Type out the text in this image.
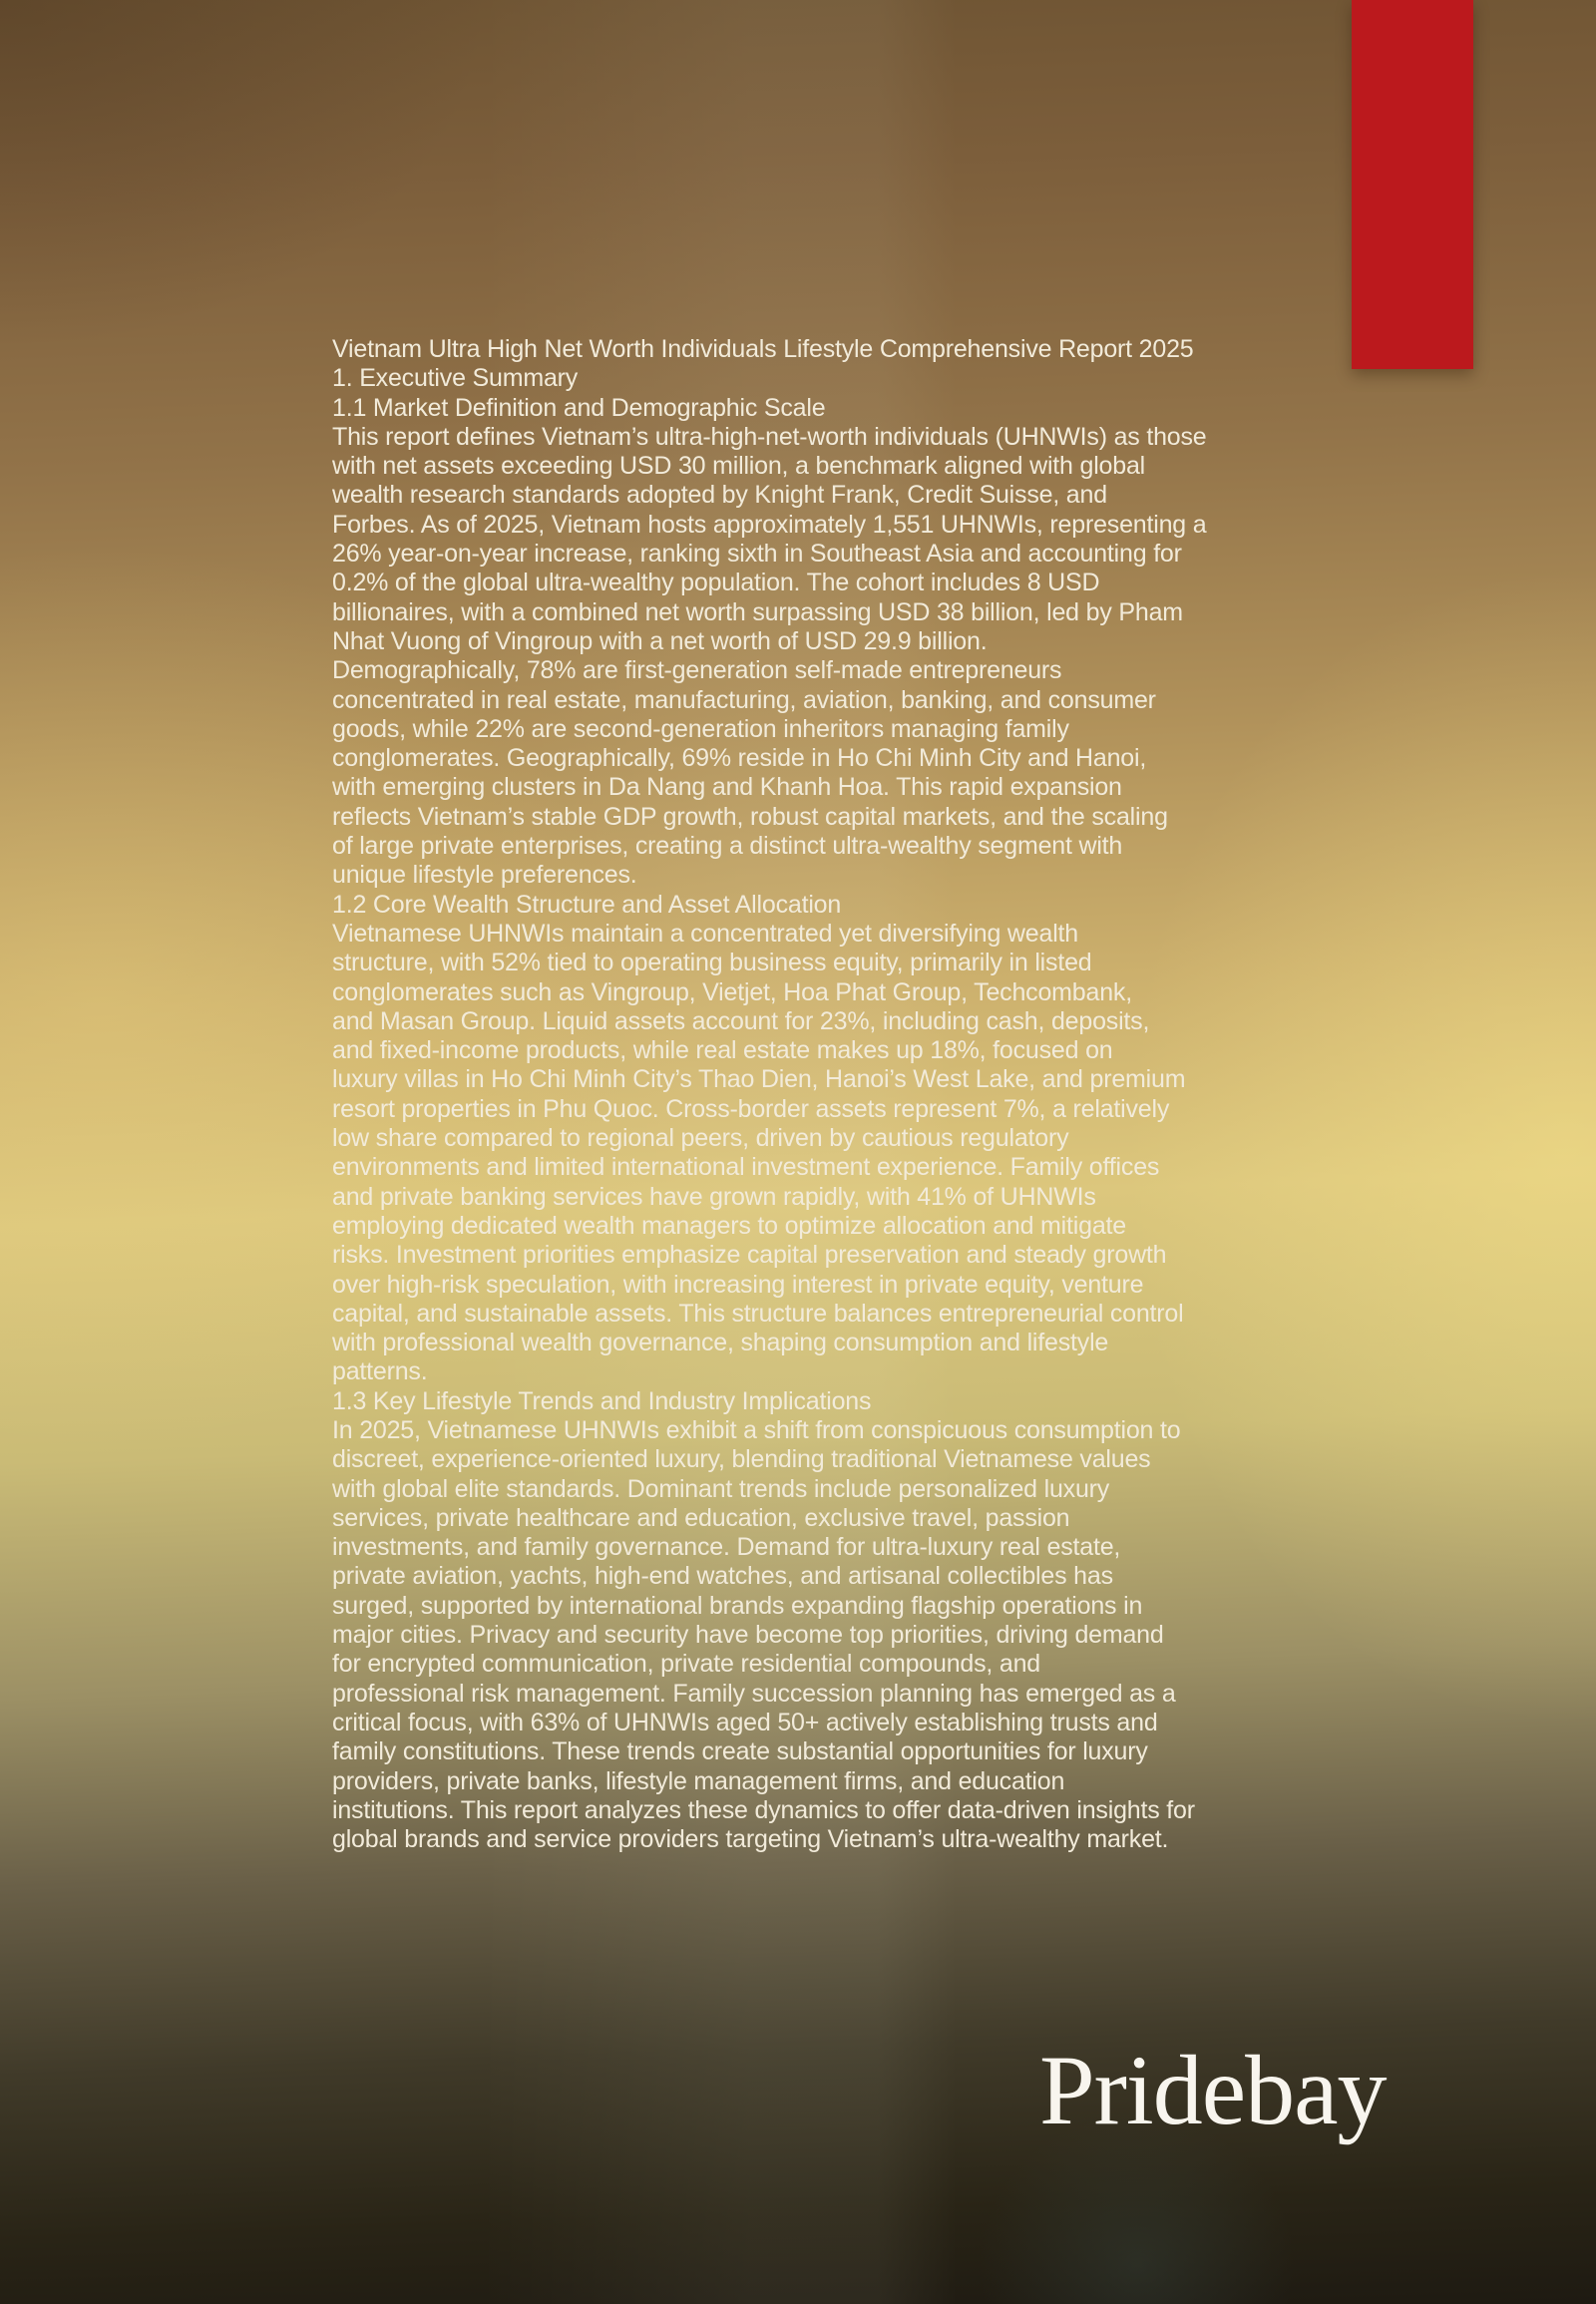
Vietnam Ultra High Net Worth Individuals Lifestyle Comprehensive Report 2025
1. Executive Summary
1.1 Market Definition and Demographic Scale
This report defines Vietnam’s ultra-high-net-worth individuals (UHNWIs) as those
with net assets exceeding USD 30 million, a benchmark aligned with global
wealth research standards adopted by Knight Frank, Credit Suisse, and
Forbes. As of 2025, Vietnam hosts approximately 1,551 UHNWIs, representing a
26% year-on-year increase, ranking sixth in Southeast Asia and accounting for
0.2% of the global ultra-wealthy population. The cohort includes 8 USD
billionaires, with a combined net worth surpassing USD 38 billion, led by Pham
Nhat Vuong of Vingroup with a net worth of USD 29.9 billion.
Demographically, 78% are first-generation self-made entrepreneurs
concentrated in real estate, manufacturing, aviation, banking, and consumer
goods, while 22% are second-generation inheritors managing family
conglomerates. Geographically, 69% reside in Ho Chi Minh City and Hanoi,
with emerging clusters in Da Nang and Khanh Hoa. This rapid expansion
reflects Vietnam’s stable GDP growth, robust capital markets, and the scaling
of large private enterprises, creating a distinct ultra-wealthy segment with
unique lifestyle preferences.
1.2 Core Wealth Structure and Asset Allocation
Vietnamese UHNWIs maintain a concentrated yet diversifying wealth
structure, with 52% tied to operating business equity, primarily in listed
conglomerates such as Vingroup, Vietjet, Hoa Phat Group, Techcombank,
and Masan Group. Liquid assets account for 23%, including cash, deposits,
and fixed-income products, while real estate makes up 18%, focused on
luxury villas in Ho Chi Minh City’s Thao Dien, Hanoi’s West Lake, and premium
resort properties in Phu Quoc. Cross-border assets represent 7%, a relatively
low share compared to regional peers, driven by cautious regulatory
environments and limited international investment experience. Family offices
and private banking services have grown rapidly, with 41% of UHNWIs
employing dedicated wealth managers to optimize allocation and mitigate
risks. Investment priorities emphasize capital preservation and steady growth
over high-risk speculation, with increasing interest in private equity, venture
capital, and sustainable assets. This structure balances entrepreneurial control
with professional wealth governance, shaping consumption and lifestyle
patterns.
1.3 Key Lifestyle Trends and Industry Implications
In 2025, Vietnamese UHNWIs exhibit a shift from conspicuous consumption to
discreet, experience-oriented luxury, blending traditional Vietnamese values
with global elite standards. Dominant trends include personalized luxury
services, private healthcare and education, exclusive travel, passion
investments, and family governance. Demand for ultra-luxury real estate,
private aviation, yachts, high-end watches, and artisanal collectibles has
surged, supported by international brands expanding flagship operations in
major cities. Privacy and security have become top priorities, driving demand
for encrypted communication, private residential compounds, and
professional risk management. Family succession planning has emerged as a
critical focus, with 63% of UHNWIs aged 50+ actively establishing trusts and
family constitutions. These trends create substantial opportunities for luxury
providers, private banks, lifestyle management firms, and education
institutions. This report analyzes these dynamics to offer data-driven insights for
global brands and service providers targeting Vietnam’s ultra-wealthy market.
Pridebay
